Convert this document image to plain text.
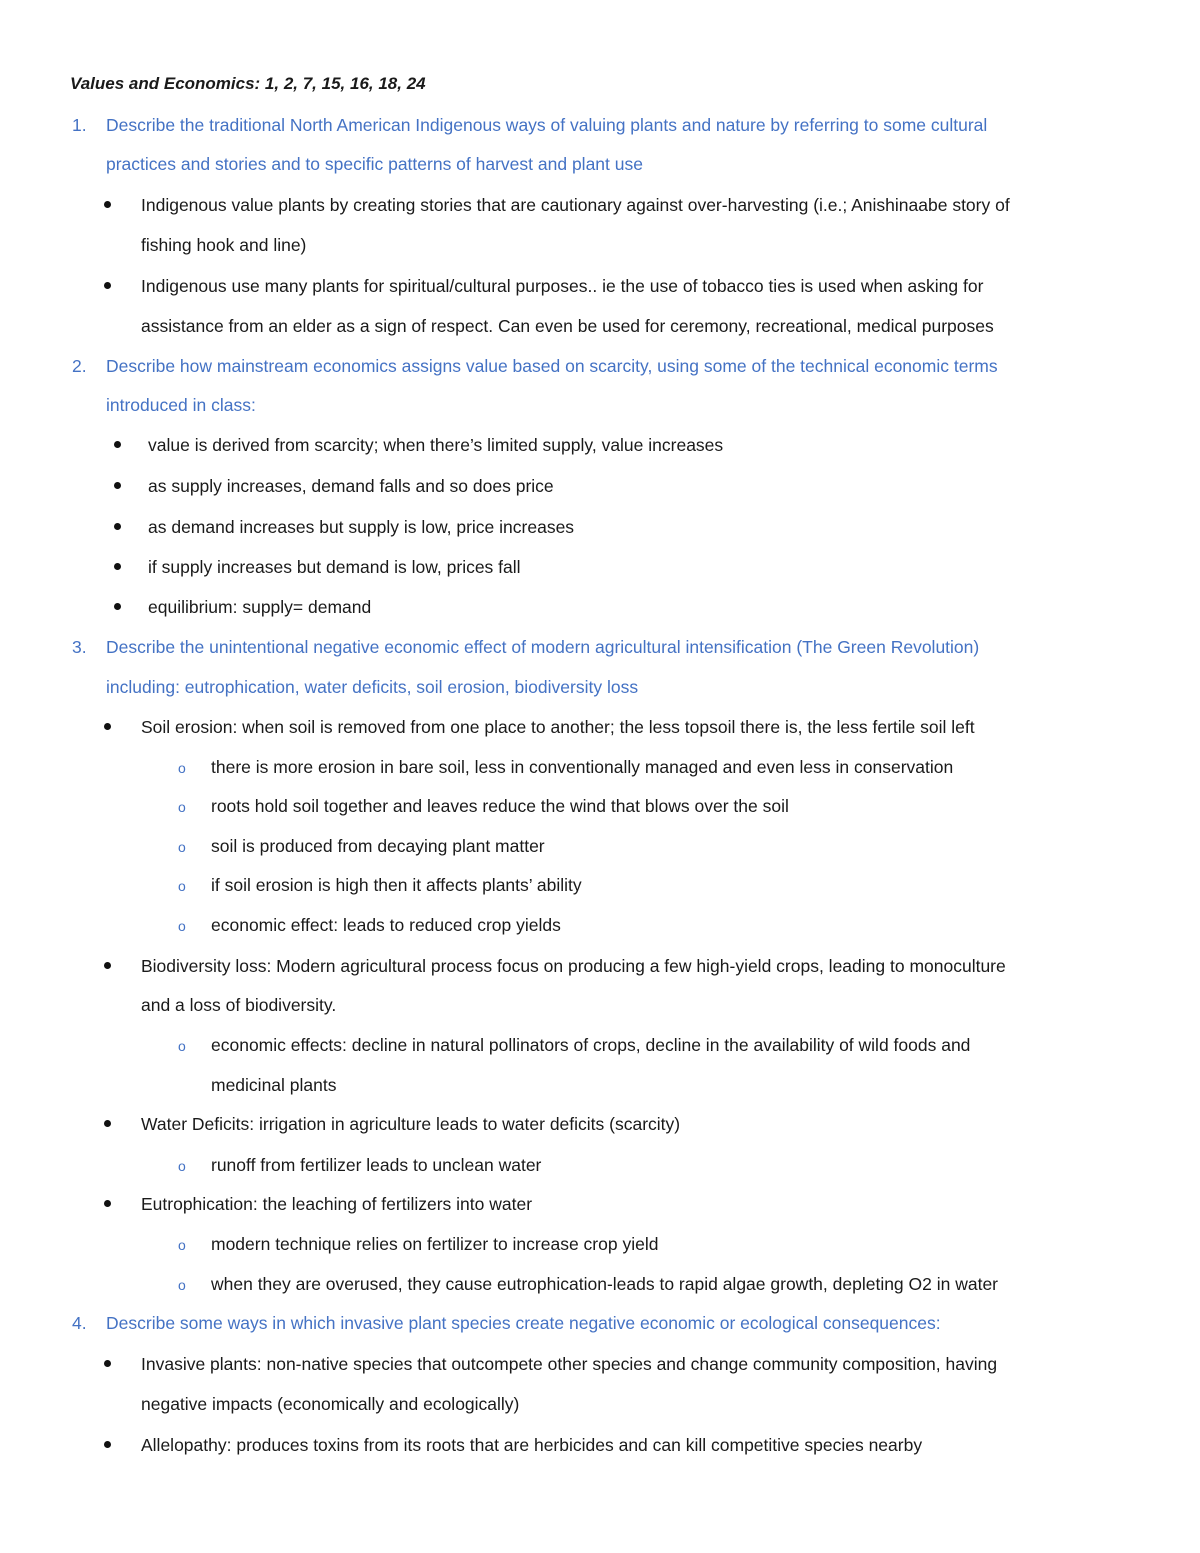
Values and Economics: 1, 2, 7, 15, 16, 18, 24
1. Describe the traditional North American Indigenous ways of valuing plants and nature by referring to some cultural
practices and stories and to specific patterns of harvest and plant use
Indigenous value plants by creating stories that are cautionary against over-harvesting (i.e.; Anishinaabe story of
fishing hook and line)
Indigenous use many plants for spiritual/cultural purposes.. ie the use of tobacco ties is used when asking for
assistance from an elder as a sign of respect. Can even be used for ceremony, recreational, medical purposes
2. Describe how mainstream economics assigns value based on scarcity, using some of the technical economic terms
introduced in class:
value is derived from scarcity; when there’s limited supply, value increases
as supply increases, demand falls and so does price
as demand increases but supply is low, price increases
if supply increases but demand is low, prices fall
equilibrium: supply= demand
3. Describe the unintentional negative economic effect of modern agricultural intensification (The Green Revolution)
including: eutrophication, water deficits, soil erosion, biodiversity loss
Soil erosion: when soil is removed from one place to another; the less topsoil there is, the less fertile soil left
o there is more erosion in bare soil, less in conventionally managed and even less in conservation
o roots hold soil together and leaves reduce the wind that blows over the soil
o soil is produced from decaying plant matter
o if soil erosion is high then it affects plants’ ability
o economic effect: leads to reduced crop yields
Biodiversity loss: Modern agricultural process focus on producing a few high-yield crops, leading to monoculture
and a loss of biodiversity.
o economic effects: decline in natural pollinators of crops, decline in the availability of wild foods and
medicinal plants
Water Deficits: irrigation in agriculture leads to water deficits (scarcity)
o runoff from fertilizer leads to unclean water
Eutrophication: the leaching of fertilizers into water
o modern technique relies on fertilizer to increase crop yield
o when they are overused, they cause eutrophication-leads to rapid algae growth, depleting O2 in water
4. Describe some ways in which invasive plant species create negative economic or ecological consequences:
Invasive plants: non-native species that outcompete other species and change community composition, having
negative impacts (economically and ecologically)
Allelopathy: produces toxins from its roots that are herbicides and can kill competitive species nearby
